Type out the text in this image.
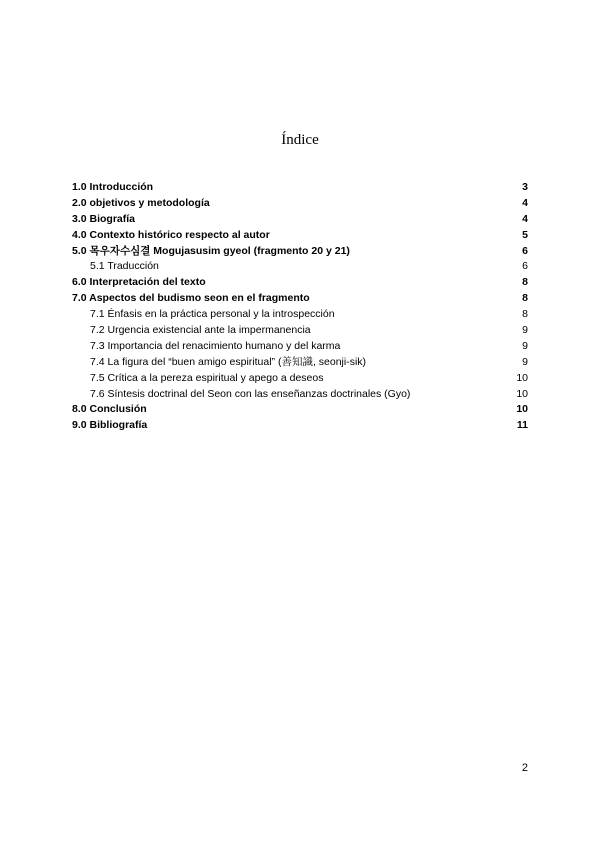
Índice
1.0 Introducción	3
2.0 objetivos y metodología	4
3.0 Biografía	4
4.0 Contexto histórico respecto al autor	5
5.0 목우자수심결 Mogujasusim gyeol (fragmento 20 y 21)	6
5.1 Traducción	6
6.0 Interpretación del texto	8
7.0 Aspectos del budismo seon en el fragmento	8
7.1 Énfasis en la práctica personal y la introspección	8
7.2 Urgencia existencial ante la impermanencia	9
7.3 Importancia del renacimiento humano y del karma	9
7.4 La figura del “buen amigo espiritual” (善知識, seonji-sik)	9
7.5 Crítica a la pereza espiritual y apego a deseos	10
7.6 Síntesis doctrinal del Seon con las enseñanzas doctrinales (Gyo)	10
8.0 Conclusión	10
9.0 Bibliografía	11
2
